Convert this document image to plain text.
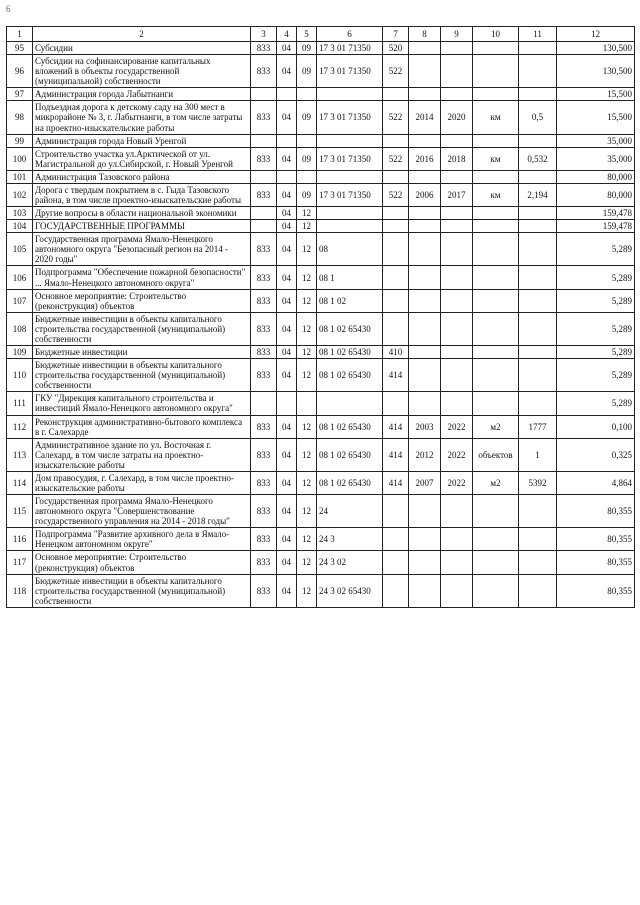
6
1	2	3	4	5	6	7	8	9	10	11	12
95	Субсидии	833	04	09	17 3 01 71350	520					130,500
96	Субсидии на софинансирование капитальных вложений в объекты государственной (муниципальной) собственности	833	04	09	17 3 01 71350	522					130,500
97	Администрация города Лабытнанги										15,500
98	Подъездная дорога к детскому саду на 300 мест в микрорайоне № 3, г. Лабытнанги, в том числе затраты на проектно-изыскательские работы	833	04	09	17 3 01 71350	522	2014	2020	км	0,5	15,500
99	Администрация города Новый Уренгой										35,000
100	Строительство участка ул.Арктической от ул. Магистральной до ул.Сибирской, г. Новый Уренгой	833	04	09	17 3 01 71350	522	2016	2018	км	0,532	35,000
101	Администрация Тазовского района										80,000
102	Дорога с твердым покрытием в с. Гыда Тазовского района, в том числе проектно-изыскательские работы	833	04	09	17 3 01 71350	522	2006	2017	км	2,194	80,000
103	Другие вопросы в области национальной экономики		04	12							159,478
104	ГОСУДАРСТВЕННЫЕ ПРОГРАММЫ		04	12							159,478
105	Государственная программа Ямало-Ненецкого автономного округа "Безопасный регион на 2014 - 2020 годы"	833	04	12	08						5,289
106	Подпрограмма "Обеспечение пожарной безопасности" ... Ямало-Ненецкого автономного округа"	833	04	12	08 1						5,289
107	Основное мероприятие: Строительство (реконструкция) объектов	833	04	12	08 1 02						5,289
108	Бюджетные инвестиции в объекты капитального строительства государственной (муниципальной) собственности	833	04	12	08 1 02 65430						5,289
109	Бюджетные инвестиции	833	04	12	08 1 02 65430	410					5,289
110	Бюджетные инвестиции в объекты капитального строительства государственной (муниципальной) собственности	833	04	12	08 1 02 65430	414					5,289
111	ГКУ "Дирекция капитального строительства и инвестиций Ямало-Ненецкого автономного округа"										5,289
112	Реконструкция административно-бытового комплекса в г. Салехарде	833	04	12	08 1 02 65430	414	2003	2022	м2	1777	0,100
113	Административное здание по ул. Восточная г. Салехард, в том числе затраты на проектно-изыскательские работы	833	04	12	08 1 02 65430	414	2012	2022	объектов	1	0,325
114	Дом правосудия, г. Салехард, в том числе проектно-изыскательские работы	833	04	12	08 1 02 65430	414	2007	2022	м2	5392	4,864
115	Государственная программа Ямало-Ненецкого автономного округа "Совершенствование государственного управления на 2014 - 2018 годы"	833	04	12	24						80,355
116	Подпрограмма "Развитие архивного дела в Ямало-Ненецком автономном округе"	833	04	12	24 3						80,355
117	Основное мероприятие: Строительство (реконструкция) объектов	833	04	12	24 3 02						80,355
118	Бюджетные инвестиции в объекты капитального строительства государственной (муниципальной) собственности	833	04	12	24 3 02 65430						80,355
